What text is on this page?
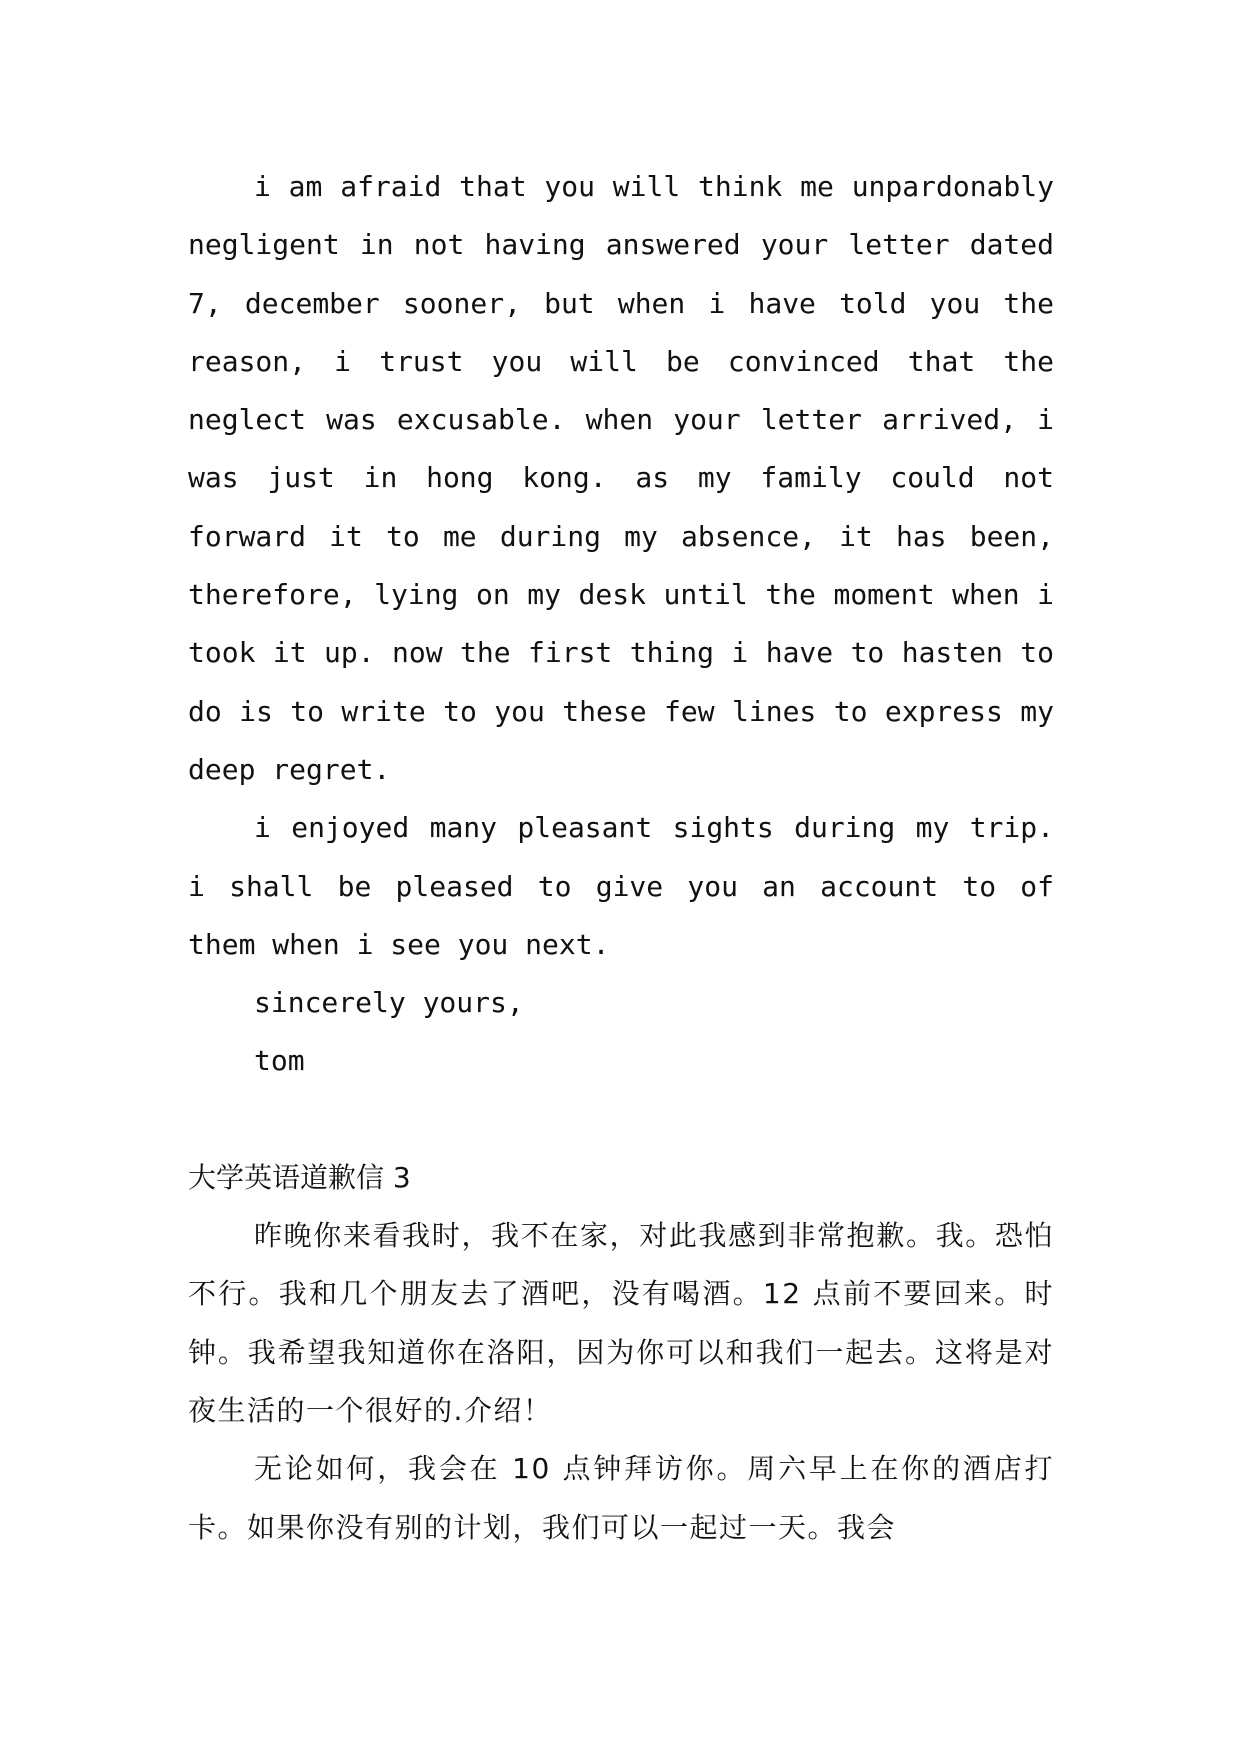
i am afraid that you will think me unpardonably negligent in not having answered your letter dated 7, december sooner, but when i have told you the reason, i trust you will be convinced that the neglect was excusable. when your letter arrived, i was just in hong kong. as my family could not forward it to me during my absence, it has been, therefore, lying on my desk until the moment when i took it up. now the first thing i have to hasten to do is to write to you these few lines to express my deep regret.

i enjoyed many pleasant sights during my trip. i shall be pleased to give you an account to of them when i see you next.

sincerely yours,

tom

大学英语道歉信 3

昨晚你来看我时，我不在家，对此我感到非常抱歉。我。恐怕不行。我和几个朋友去了酒吧，没有喝酒。12 点前不要回来。时钟。我希望我知道你在洛阳，因为你可以和我们一起去。这将是对夜生活的一个很好的.介绍！

无论如何，我会在 10 点钟拜访你。周六早上在你的酒店打卡。如果你没有别的计划，我们可以一起过一天。我会
